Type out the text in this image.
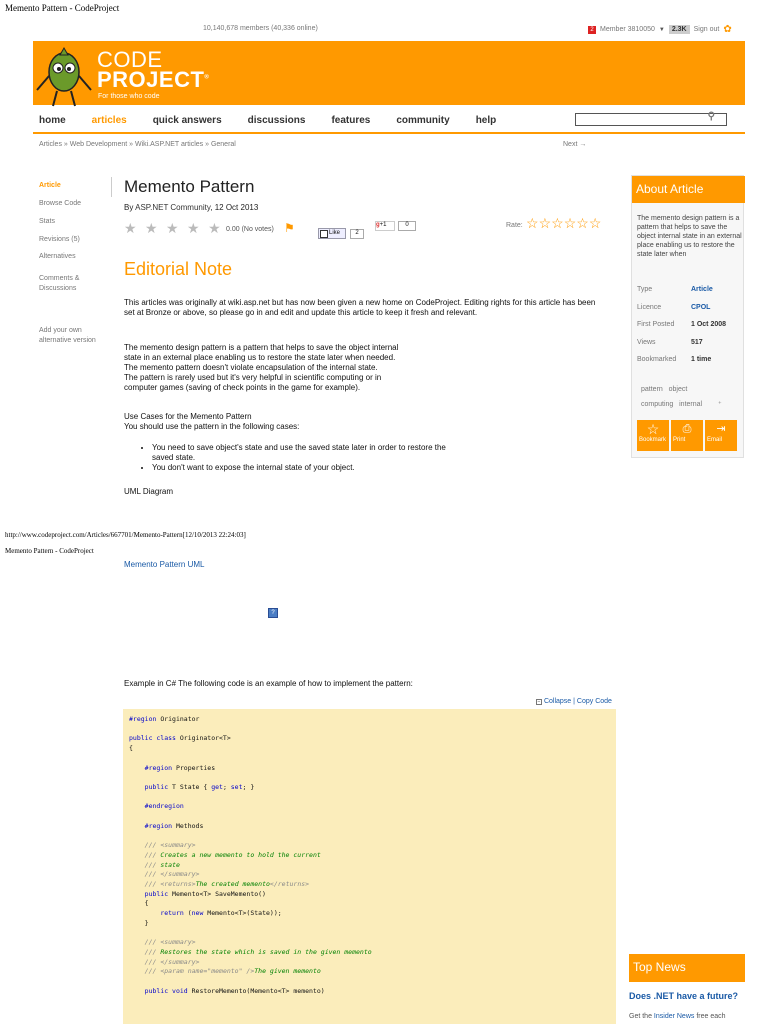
Memento Pattern - CodeProject
10,140,678 members (40,336 online)	2 Member 3810050 ▼	2.3K	Sign out ✿
CODE
PROJECT®
For those who code
home	articles	quick answers	discussions	features	community	help	⚲
Articles » Web Development » Wiki.ASP.NET articles » General	Next →
Article
Browse Code
Stats
Revisions (5)
Alternatives
Comments & Discussions
Add your own alternative version
Memento Pattern
By ASP.NET Community, 12 Oct 2013
★ ★ ★ ★ ★ 0.00 (No votes) ⚑	Like	2
g+1	0	Rate: ☆☆☆☆☆☆
Editorial Note
This articles was originally at wiki.asp.net but has now been given a new home on CodeProject. Editing rights for this article has been set at Bronze or above, so please go in and edit and update this article to keep it fresh and relevant.
The memento design pattern is a pattern that helps to save the object internal
state in an external place enabling us to restore the state later when needed.
The memento pattern doesn't violate encapsulation of the internal state.
The pattern is rarely used but it's very helpful in scientific computing or in
computer games (saving of check points in the game for example).
Use Cases for the Memento Pattern
You should use the pattern in the following cases:
• You need to save object's state and use the saved state later in order to restore the saved state.
• You don't want to expose the internal state of your object.
UML Diagram
About Article
The memento design pattern is a pattern that helps to save the object internal state in an external place enabling us to restore the state later when
Type	Article
Licence	CPOL
First Posted 1 Oct 2008
Views	517
Bookmarked 1 time
pattern   object
computing   internal ⁺
☆
Bookmark
⎙
Print
⇥
Email
http://www.codeproject.com/Articles/667701/Memento-Pattern[12/10/2013 22:24:03]
Memento Pattern - CodeProject
Memento Pattern UML
?
Example in C# The following code is an example of how to implement the pattern:
− Collapse | Copy Code
#region Originator

public class Originator<T>
{

#region Properties

public T State { get; set; }

#endregion

#region Methods

/// <summary>
/// Creates a new memento to hold the current
/// state
/// </summary>
/// <returns>The created memento</returns>
public Memento<T> SaveMemento()
{
return (new Memento<T>(State));
}

/// <summary>
/// Restores the state which is saved in the given memento
/// </summary>
/// <param name="memento" />The given memento

public void RestoreMemento(Memento<T> memento)
Top News
Does .NET have a future?
Get the Insider News free each
